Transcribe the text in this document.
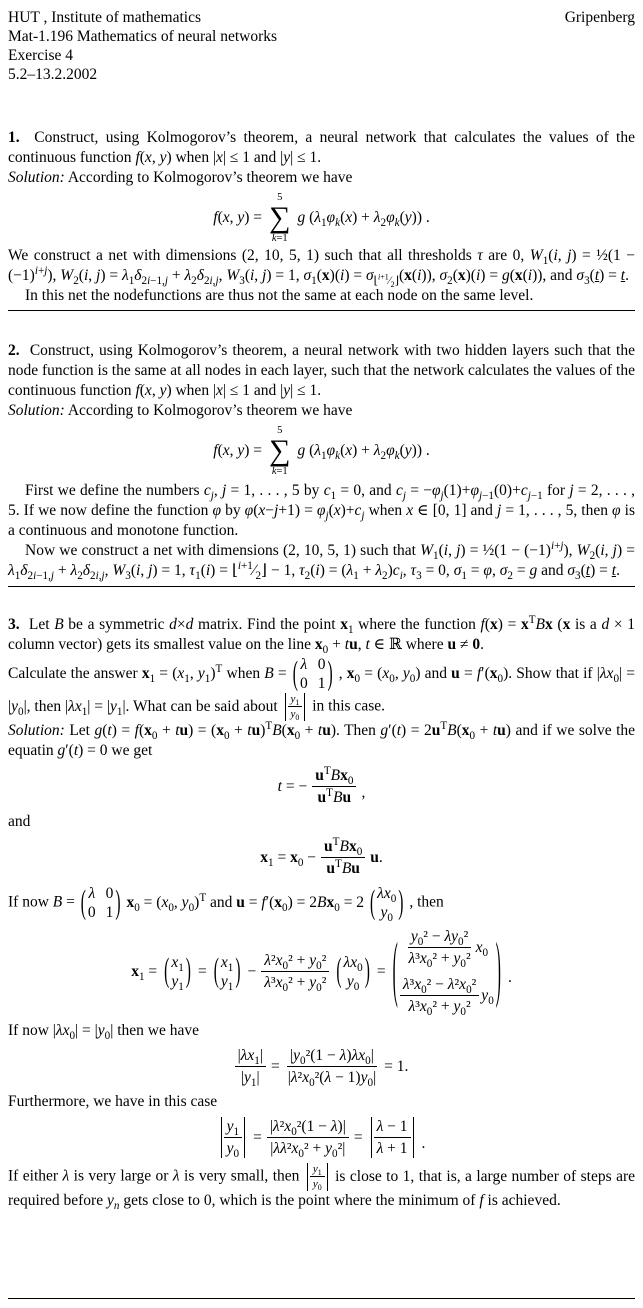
HUT , Institute of mathematics	Gripenberg
Mat-1.196 Mathematics of neural networks
Exercise 4
5.2–13.2.2002

1.  Construct, using Kolmogorov’s theorem, a neural network that calculates the values of the continuous function f(x, y) when |x| ≤ 1 and |y| ≤ 1.

Solution: According to Kolmogorov’s theorem we have

f(x, y) =
5
∑
k=1
g $(\lambda_1\varphi_k(x) + \lambda_2\varphi_k(y))$ .

We construct a net with dimensions (2, 10, 5, 1) such that all thresholds τ are 0, $W_1(i$, j) = ½(1 − $(-1)^{i+j}$), $W_2(i$, $j) = \lambda_1\delta_{2i-1,j} + \lambda_2\delta_{2i,j}$, $W_3(i$, j) = 1, $\sigma_1(x)(i) = \sigma_{⌊^{i+1}⁄_2⌋}(x(i))$, $\sigma_2(x)(i) = g(x(i))$, and $\sigma_3(t) = t$.

In this net the nodefunctions are thus not the same at each node on the same level.

2.  Construct, using Kolmogorov’s theorem, a neural network with two hidden layers such that the node function is the same at all nodes in each layer, such that the network calculates the values of the continuous function f(x, y) when |x| ≤ 1 and |y| ≤ 1.

Solution: According to Kolmogorov’s theorem we have

f(x, y) =
5
∑
k=1
g $(\lambda_1\varphi_k(x) + \lambda_2\varphi_k(y))$ .

First we define the numbers $c_j$, j = 1, . . . , 5 by $c_1 = 0$, and $c_j = -\varphi_j(1)+\varphi_{j-1}(0)+c_{j-1}$ for j = 2, . . . , 5. If we now define the function φ by $\varphi(x-j+1) = \varphi_j(x)+c_j$ when x ∈ [0, 1] and j = 1, . . . , 5, then φ is a continuous and monotone function.

Now we construct a net with dimensions (2, 10, 5, 1) such that $W_1(i$, j) = ½(1 − $(-1)^{i+j}$), $W_2(i$, $j) = \lambda_1\delta_{2i-1,j} + \lambda_2\delta_{2i,j}$, $W_3(i$, j) = 1, $\tau_1(i)$ = $⌊^{i+1}⁄_2⌋ - 1$, $\tau_2(i) = (\lambda_1 + \lambda_2)c_i$, $\tau_3 = 0$, $\sigma_1 = \varphi$, $\sigma_2 = g$ and $\sigma_3(t) = t$.

3.  Let B be a symmetric d×d matrix. Find the point $x_1$ where the function $f(x) = x^TBx$ (x is a d × 1 column vector) gets its smallest value on the line $x_0$ + tu, t ∈ ℝ where u ≠ 0.

Calculate the answer $x_1 = (x_1$, $y_1)^T$ when B = ( λ 0
0 1 ) , $x_0 = (x_0$, $y_0$) and $u = f'(x_0)$. Show that if $|\lambda x_0| = |y_0|$, then $|\lambda x_1| = |y_1|$. What can be said about $\frac{y_1}{y_0}$ in this case.

Solution: Let $g(t) = f(x_0 + tu) = (x_0 + tu)^TB(x_0 + tu)$. Then $g'(t) = 2u^TB(x_0 + tu)$ and if we solve the equatin g′(t) = 0 we get

t = − $\frac{u^TBx_0}{u^TBu}$ ,

and

$x_1 = x_0 - \frac{u^TBx_0}{u^TBu} u$.

If now B = ( λ 0
0 1 ) $x_0 = (x_0$, $y_0)^T$ and $u = f'(x_0) = 2Bx_0 = 2$ ( $\lambda x_0$
$y_0$ ) , then

$x_1$ = ( $x_1$
$y_1$ ) = ( $x_1$
$y_1$ ) − $\frac{\lambda^2x_0^2 + y_0^2}{\lambda^3x_0^2 + y_0^2}$ ( $\lambda x_0$
$y_0$ ) = ( $\frac{y_0^2 - \lambda y_0^2}{\lambda^3x_0^2 + y_0^2} x_0$
$\frac{\lambda^3x_0^2 - \lambda^2x_0^2}{\lambda^3x_0^2 + y_0^2} y_0$ ) .

If now $|\lambda x_0| = |y_0|$ then we have

$\frac{|\lambda x_1|}{|y_1|} = \frac{|y_0^2(1 - \lambda)\lambda x_0|}{|\lambda^2x_0^2(\lambda - 1)y_0|} = 1$.

Furthermore, we have in this case

$\frac{y_1}{y_0} = \frac{|\lambda^2x_0^2(1 - \lambda)|}{|\lambda\lambda^2x_0^2 + y_0^2|} = \frac{\lambda - 1}{\lambda + 1}$ .

If either λ is very large or λ is very small, then $\frac{y_1}{y_0}$ is close to 1, that is, a large number of steps are required before $y_n$ gets close to 0, which is the point where the minimum of f is achieved.
